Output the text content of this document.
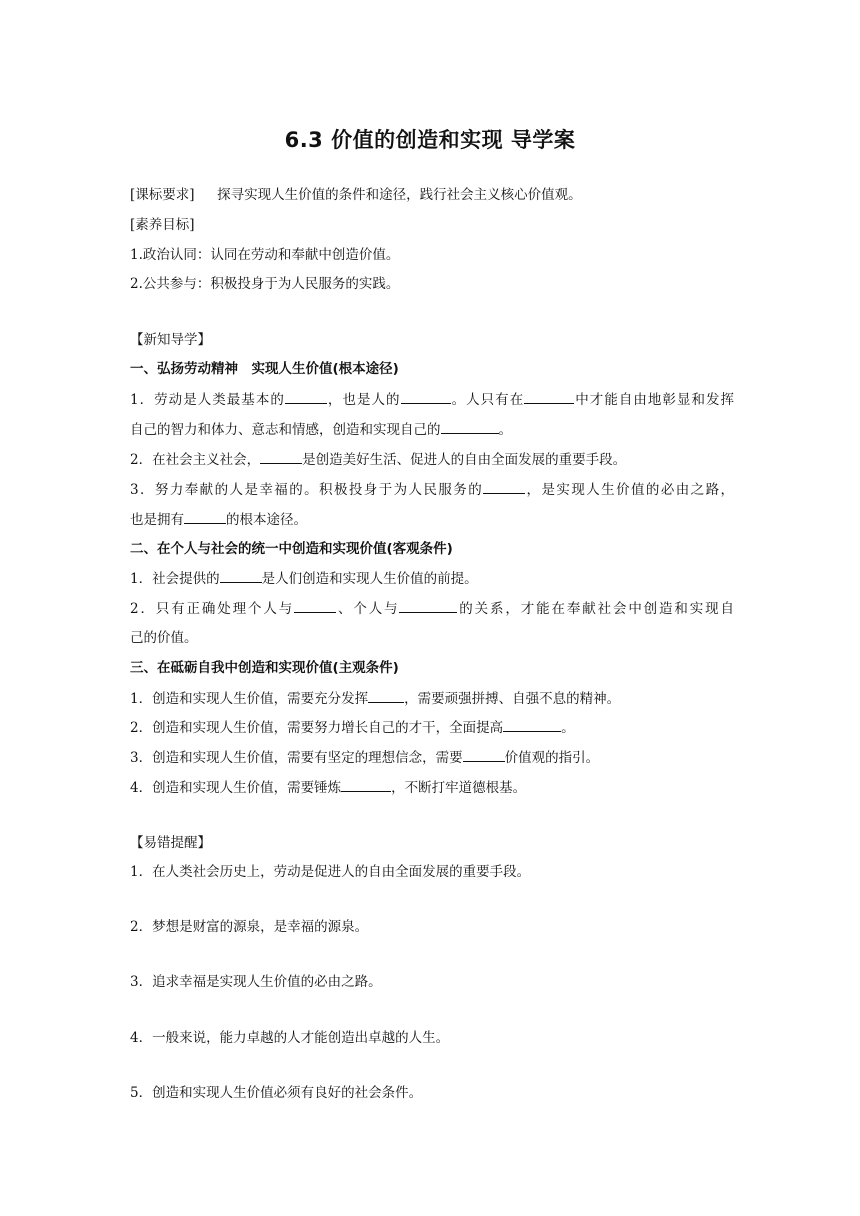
6.3 价值的创造和实现 导学案
[课标要求] 探寻实现人生价值的条件和途径，践行社会主义核心价值观。
[素养目标]
1.政治认同：认同在劳动和奉献中创造价值。
2.公共参与：积极投身于为人民服务的实践。
【新知导学】
一、弘扬劳动精神　实现人生价值(根本途径)
1．劳动是人类最基本的	，也是人的	。人只有在	中才能自由地彰显和发挥
自己的智力和体力、意志和情感，创造和实现自己的	。
2．在社会主义社会，	是创造美好生活、促进人的自由全面发展的重要手段。
3．努力奉献的人是幸福的。积极投身于为人民服务的	，是实现人生价值的必由之路，
也是拥有	的根本途径。
二、在个人与社会的统一中创造和实现价值(客观条件)
1．社会提供的	是人们创造和实现人生价值的前提。
2．只有正确处理个人与	、个人与	的关系，才能在奉献社会中创造和实现自
己的价值。
三、在砥砺自我中创造和实现价值(主观条件)
1．创造和实现人生价值，需要充分发挥	，需要顽强拼搏、自强不息的精神。
2．创造和实现人生价值，需要努力增长自己的才干，全面提高	。
3．创造和实现人生价值，需要有坚定的理想信念，需要	价值观的指引。
4．创造和实现人生价值，需要锤炼	，不断打牢道德根基。
【易错提醒】
1．在人类社会历史上，劳动是促进人的自由全面发展的重要手段。
2．梦想是财富的源泉，是幸福的源泉。
3．追求幸福是实现人生价值的必由之路。
4．一般来说，能力卓越的人才能创造出卓越的人生。
5．创造和实现人生价值必须有良好的社会条件。
